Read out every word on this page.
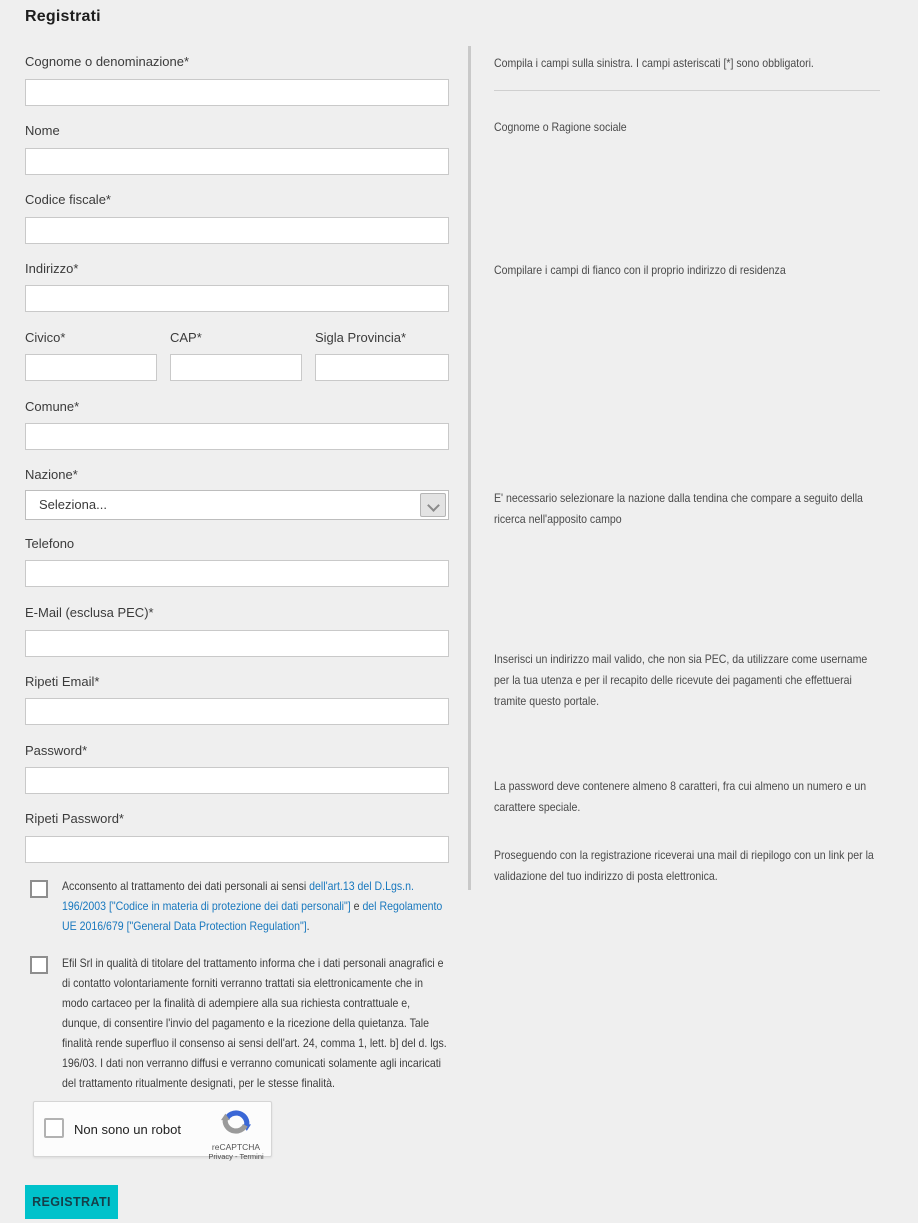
Registrati
Cognome o denominazione*
Nome
Codice fiscale*
Indirizzo*
Civico*	CAP*	Sigla Provincia*
Comune*
Nazione*
Seleziona...
Telefono
E-Mail (esclusa PEC)*
Ripeti Email*
Password*
Ripeti Password*

Acconsento al trattamento dei dati personali ai sensi dell'art.13 del D.Lgs.n. 196/2003 ["Codice in materia di protezione dei dati personali"] e del Regolamento UE 2016/679 ["General Data Protection Regulation"].

Efil Srl in qualità di titolare del trattamento informa che i dati personali anagrafici e di contatto volontariamente forniti verranno trattati sia elettronicamente che in modo cartaceo per la finalità di adempiere alla sua richiesta contrattuale e, dunque, di consentire l'invio del pagamento e la ricezione della quietanza. Tale finalità rende superfluo il consenso ai sensi dell'art. 24, comma 1, lett. b] del d. lgs. 196/03. I dati non verranno diffusi e verranno comunicati solamente agli incaricati del trattamento ritualmente designati, per le stesse finalità.

Non sono un robot
reCAPTCHA
Privacy - Termini
REGISTRATI

Compila i campi sulla sinistra. I campi asteriscati [*] sono obbligatori.

Cognome o Ragione sociale

Compilare i campi di fianco con il proprio indirizzo di residenza

E' necessario selezionare la nazione dalla tendina che compare a seguito della ricerca nell'apposito campo

Inserisci un indirizzo mail valido, che non sia PEC, da utilizzare come username per la tua utenza e per il recapito delle ricevute dei pagamenti che effettuerai tramite questo portale.

La password deve contenere almeno 8 caratteri, fra cui almeno un numero e un carattere speciale.

Proseguendo con la registrazione riceverai una mail di riepilogo con un link per la validazione del tuo indirizzo di posta elettronica.
